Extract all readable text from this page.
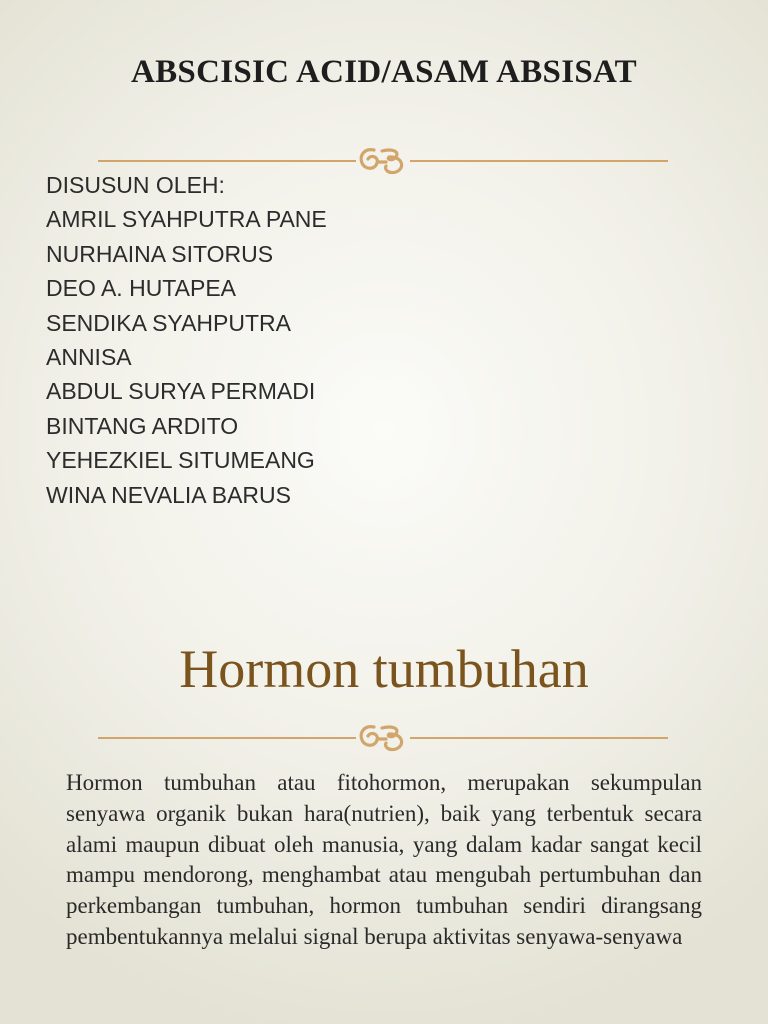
ABSCISIC ACID/ASAM ABSISAT
DISUSUN OLEH:
AMRIL SYAHPUTRA PANE
NURHAINA SITORUS
DEO A. HUTAPEA
SENDIKA SYAHPUTRA
ANNISA
ABDUL SURYA PERMADI
BINTANG ARDITO
YEHEZKIEL SITUMEANG
WINA NEVALIA BARUS
Hormon tumbuhan

Hormon tumbuhan atau fitohormon, merupakan sekumpulan senyawa organik bukan hara(nutrien), baik yang terbentuk secara alami maupun dibuat oleh manusia, yang dalam kadar sangat kecil mampu mendorong, menghambat atau mengubah pertumbuhan dan perkembangan tumbuhan, hormon tumbuhan sendiri dirangsang pembentukannya melalui signal berupa aktivitas senyawa-senyawa
